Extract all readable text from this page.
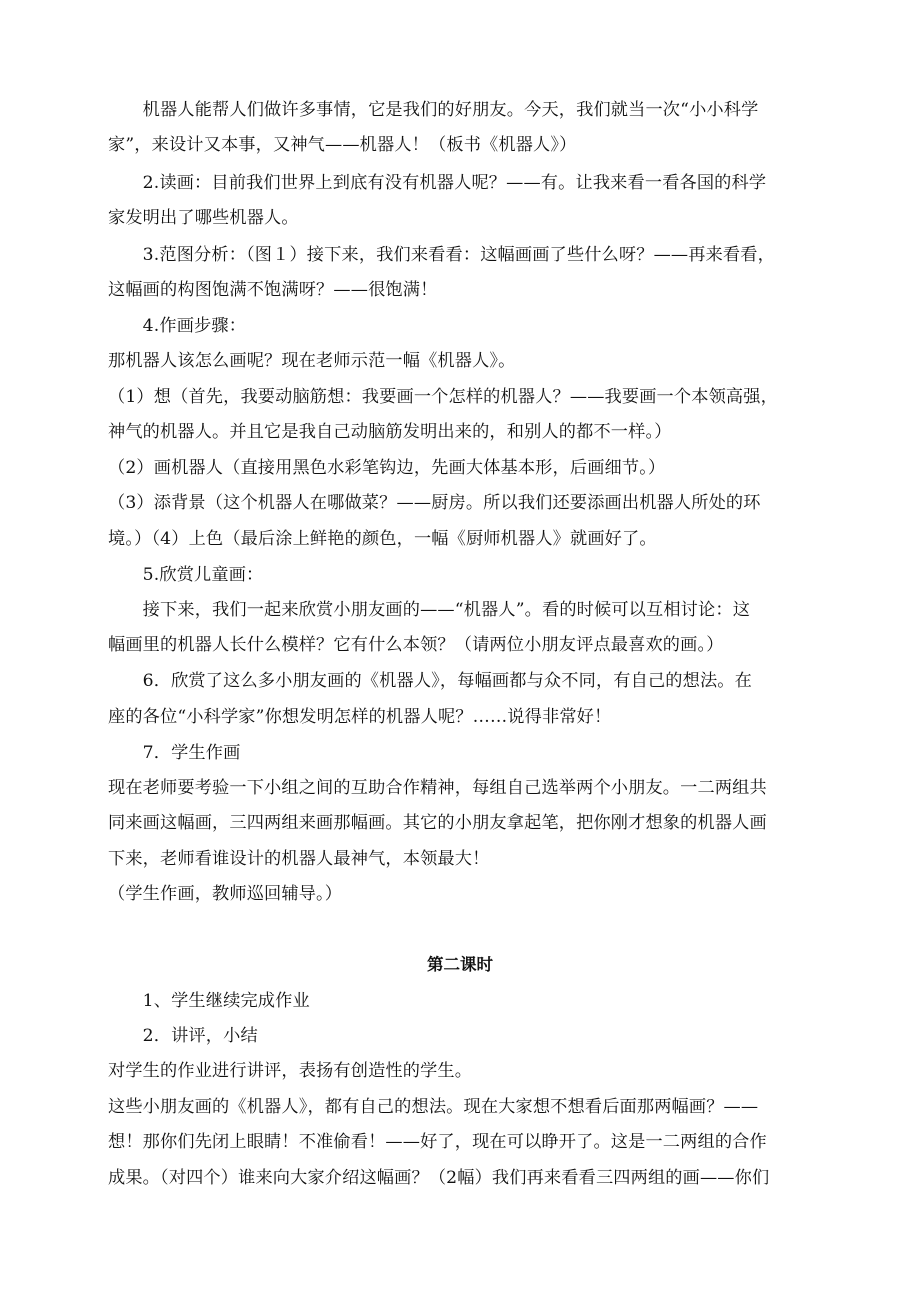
　　机器人能帮人们做许多事情，它是我们的好朋友。今天，我们就当一次“小小科学
家”，来设计又本事，又神气——机器人！（板书《机器人》）
　　2.读画：目前我们世界上到底有没有机器人呢？——有。让我来看一看各国的科学
家发明出了哪些机器人。
　　3.范图分析：（图１）接下来，我们来看看：这幅画画了些什么呀？——再来看看，
这幅画的构图饱满不饱满呀？——很饱满！
　　4.作画步骤：
那机器人该怎么画呢？现在老师示范一幅《机器人》。
（1）想（首先，我要动脑筋想：我要画一个怎样的机器人？——我要画一个本领高强，
神气的机器人。并且它是我自己动脑筋发明出来的，和别人的都不一样。）
（2）画机器人（直接用黑色水彩笔钩边，先画大体基本形，后画细节。）
（3）添背景（这个机器人在哪做菜？——厨房。所以我们还要添画出机器人所处的环
境。）（4）上色（最后涂上鲜艳的颜色，一幅《厨师机器人》就画好了。
　　5.欣赏儿童画：
　　接下来，我们一起来欣赏小朋友画的——“机器人”。看的时候可以互相讨论：这
幅画里的机器人长什么模样？它有什么本领？（请两位小朋友评点最喜欢的画。）
　　6．欣赏了这么多小朋友画的《机器人》，每幅画都与众不同，有自己的想法。在
座的各位“小科学家”你想发明怎样的机器人呢？……说得非常好！
　　7．学生作画
现在老师要考验一下小组之间的互助合作精神，每组自己选举两个小朋友。一二两组共
同来画这幅画，三四两组来画那幅画。其它的小朋友拿起笔，把你刚才想象的机器人画
下来，老师看谁设计的机器人最神气，本领最大！
（学生作画，教师巡回辅导。）
第二课时
　　1、学生继续完成作业
　　2．讲评，小结
对学生的作业进行讲评，表扬有创造性的学生。
这些小朋友画的《机器人》，都有自己的想法。现在大家想不想看后面那两幅画？——
想！那你们先闭上眼睛！不准偷看！——好了，现在可以睁开了。这是一二两组的合作
成果。（对四个）谁来向大家介绍这幅画？（2幅）我们再来看看三四两组的画——你们
